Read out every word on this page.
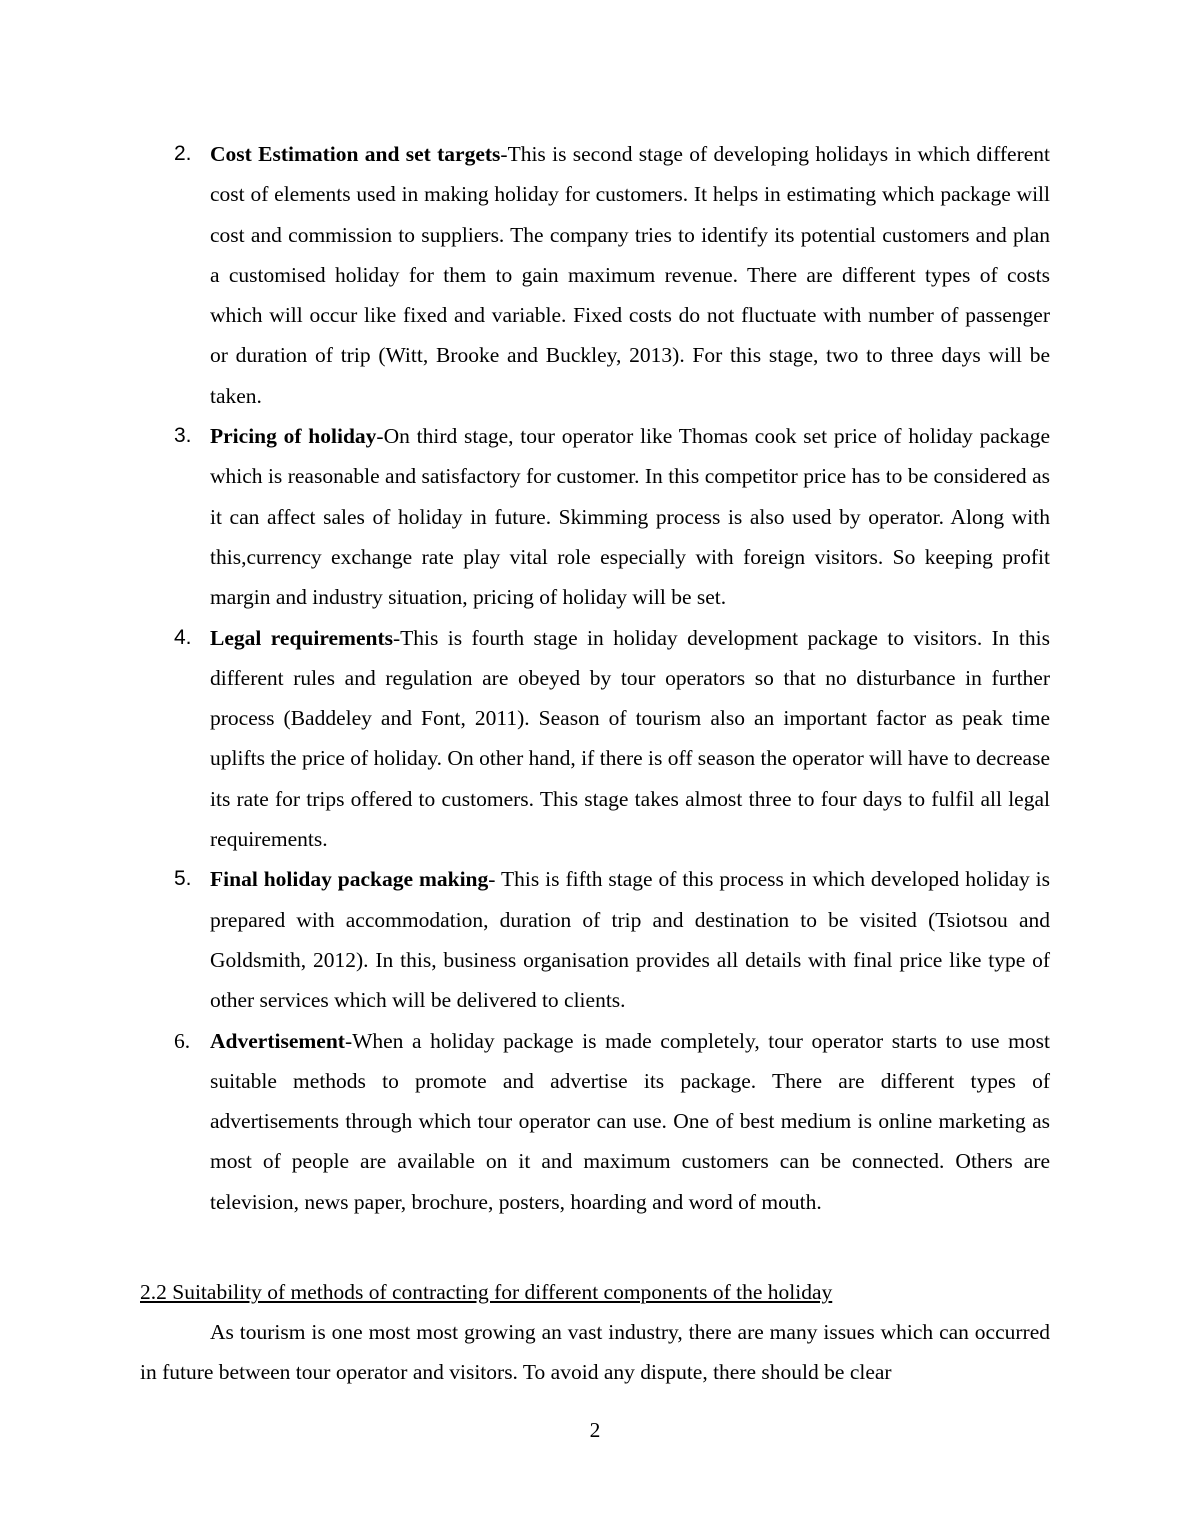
2. Cost Estimation and set targets-This is second stage of developing holidays in which different cost of elements used in making holiday for customers. It helps in estimating which package will cost and commission to suppliers. The company tries to identify its potential customers and plan a customised holiday for them to gain maximum revenue. There are different types of costs which will occur like fixed and variable. Fixed costs do not fluctuate with number of passenger or duration of trip (Witt, Brooke and Buckley, 2013). For this stage, two to three days will be taken.
3. Pricing of holiday-On third stage, tour operator like Thomas cook set price of holiday package which is reasonable and satisfactory for customer. In this competitor price has to be considered as it can affect sales of holiday in future. Skimming process is also used by operator. Along with this,currency exchange rate play vital role especially with foreign visitors. So keeping profit margin and industry situation, pricing of holiday will be set.
4. Legal requirements-This is fourth stage in holiday development package to visitors. In this different rules and regulation are obeyed by tour operators so that no disturbance in further process (Baddeley and Font, 2011). Season of tourism also an important factor as peak time uplifts the price of holiday. On other hand, if there is off season the operator will have to decrease its rate for trips offered to customers. This stage takes almost three to four days to fulfil all legal requirements.
5. Final holiday package making- This is fifth stage of this process in which developed holiday is prepared with accommodation, duration of trip and destination to be visited (Tsiotsou and Goldsmith, 2012). In this, business organisation provides all details with final price like type of other services which will be delivered to clients.
6. Advertisement-When a holiday package is made completely, tour operator starts to use most suitable methods to promote and advertise its package. There are different types of advertisements through which tour operator can use. One of best medium is online marketing as most of people are available on it and maximum customers can be connected. Others are television, news paper, brochure, posters, hoarding and word of mouth.
2.2 Suitability of methods of contracting for different components of the holiday

As tourism is one most most growing an vast industry, there are many issues which can occurred in future between tour operator and visitors. To avoid any dispute, there should be clear

2
